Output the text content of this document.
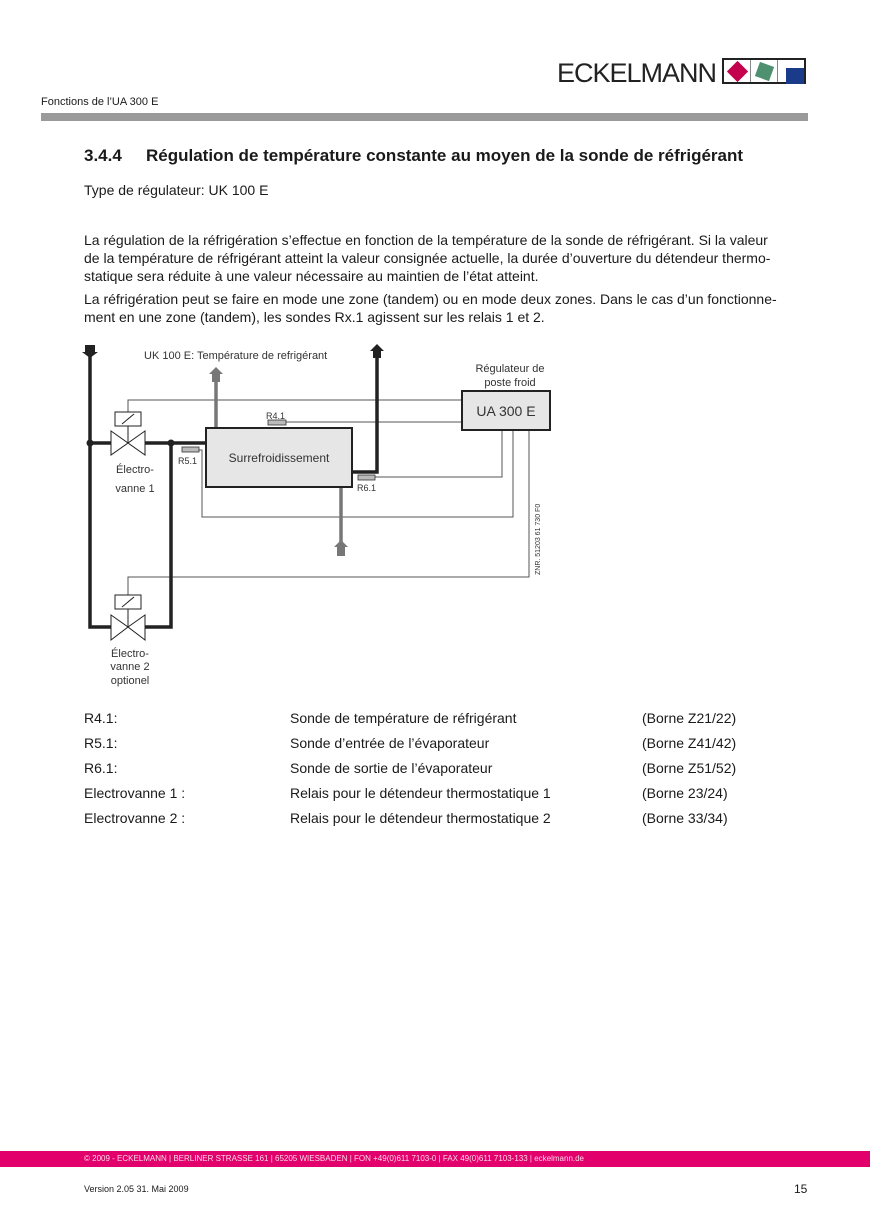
ECKELMANN
Fonctions de l’UA 300 E
3.4.4 Régulation de température constante au moyen de la sonde de réfrigérant
Type de régulateur: UK 100 E
La régulation de la réfrigération s’effectue en fonction de la température de la sonde de réfrigérant. Si la valeur
de la température de réfrigérant atteint la valeur consignée actuelle, la durée d’ouverture du détendeur thermo-
statique sera réduite à une valeur nécessaire au maintien de l’état atteint.
La réfrigération peut se faire en mode une zone (tandem) ou en mode deux zones. Dans le cas d’un fonctionne-
ment en une zone (tandem), les sondes Rx.1 agissent sur les relais 1 et 2.
Surrefroidissement
UA 300 E
Régulateur de
poste froid
R4.1
R5.1
R6.1
UK 100 E: Température de refrigérant
Électro-
vanne 1
Électro-
vanne 2
optionel
ZNR. 51203 61 730 F0
R4.1:	Sonde de température de réfrigérant	(Borne Z21/22)
R5.1:	Sonde d’entrée de l’évaporateur	(Borne Z41/42)
R6.1:	Sonde de sortie de l’évaporateur	(Borne Z51/52)
Electrovanne 1 :	Relais pour le détendeur thermostatique 1	(Borne 23/24)
Electrovanne 2 :	Relais pour le détendeur thermostatique 2	(Borne 33/34)
© 2009 - ECKELMANN | BERLINER STRASSE 161 | 65205 WIESBADEN | FON +49(0)611 7103-0 | FAX 49(0)611 7103-133 | eckelmann.de
Version 2.05 31. Mai 2009	15
